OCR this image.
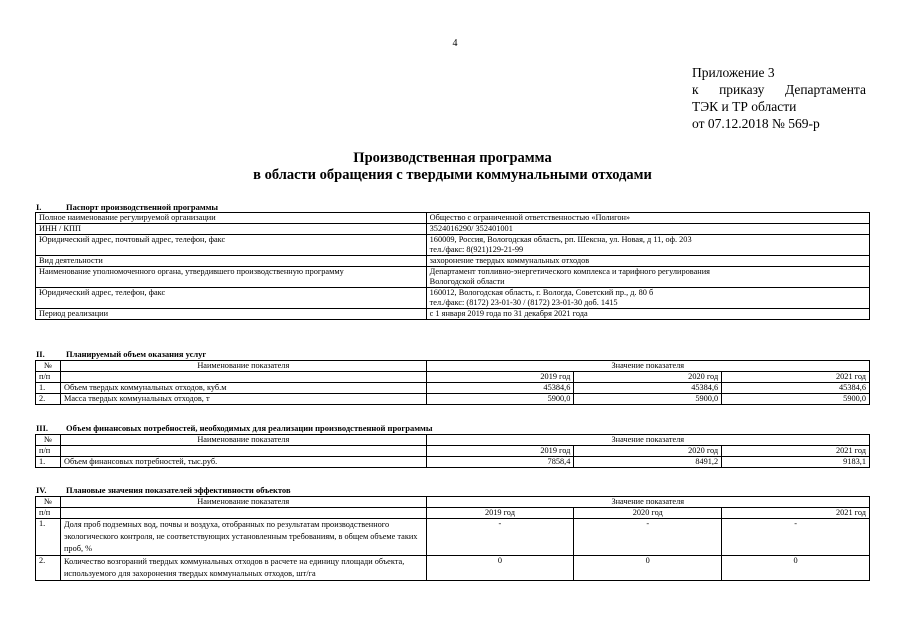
4
Приложение 3
к приказу Департамента
ТЭК и ТР области
от 07.12.2018 № 569-р
Производственная программа
в области обращения с твердыми коммунальными отходами
I.	Паспорт производственной программы
Полное наименование регулируемой организации	Общество с ограниченной ответственностью «Полигон»
ИНН / КПП	3524016290/ 352401001
Юридический адрес, почтовый адрес, телефон, факс	160009, Россия, Вологодская область, рп. Шексна, ул. Новая, д 11, оф. 203
тел./факс: 8(921)129-21-99

Вид деятельности	захоронение твердых коммунальных отходов
Наименование уполномоченного органа, утвердившего производственную программу	Департамент топливно-энергетического комплекса и тарифного регулирования
Вологодской области

Юридический адрес, телефон, факс	160012, Вологодская область, г. Вологда, Советский пр., д. 80 б
тел./факс: (8172) 23-01-30 / (8172) 23-01-30 доб. 1415

Период реализации	с 1 января 2019 года по 31 декабря 2021 года
II.	Планируемый объем оказания услуг
№	Наименование показателя	Значение показателя		
п/п		2019 год	2020 год	2021 год
1.	Объем твердых коммунальных отходов, куб.м	45384,6	45384,6	45384,6
2.	Масса твердых коммунальных отходов, т	5900,0	5900,0	5900,0
III. Объем финансовых потребностей, необходимых для реализации производственной программы
№	Наименование показателя	Значение показателя		
п/п		2019 год	2020 год	2021 год
1.	Объем финансовых потребностей, тыс.руб.	7858,4	8491,2	9183,1
IV. Плановые значения показателей эффективности объектов
№	Наименование показателя	Значение показателя		
п/п		2019 год	2020 год	2021 год
1.	Доля проб подземных вод, почвы и воздуха, отобранных по результатам производственного экологического контроля, не соответствующих установленным требованиям, в общем объеме таких проб, %	-	-	-
2.	Количество возгораний твердых коммунальных отходов в расчете на единицу площади объекта, используемого для захоронения твердых коммунальных отходов, шт/га	0	0	0
